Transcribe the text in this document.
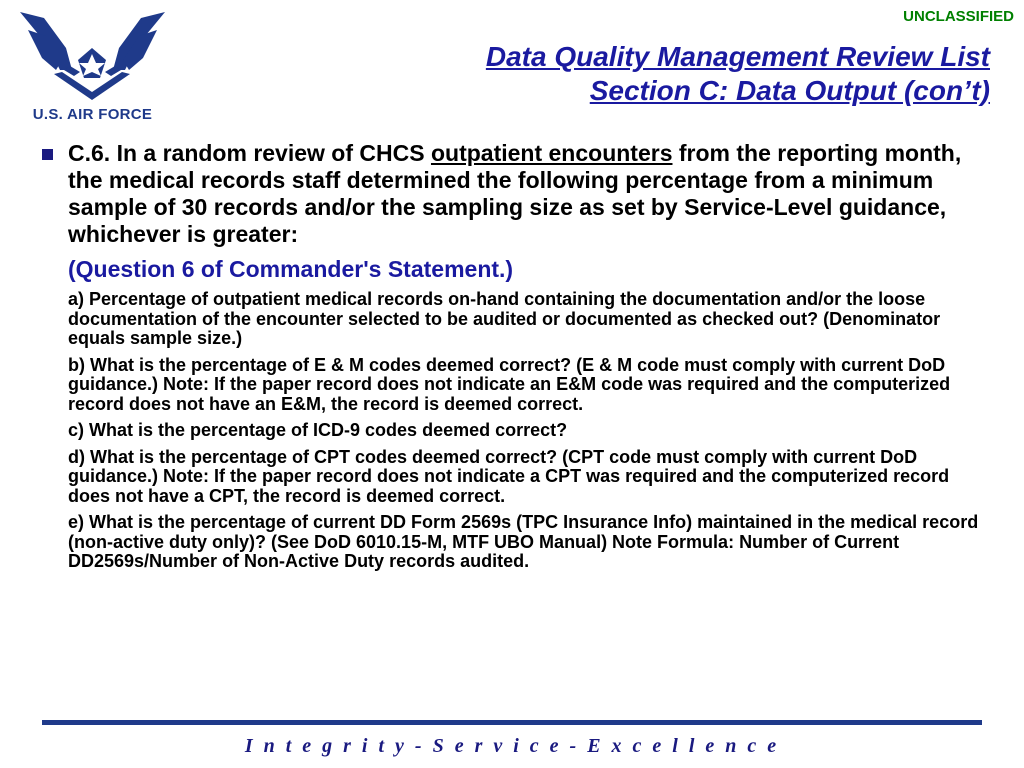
UNCLASSIFIED
U.S. AIR FORCE
Data Quality Management Review List
Section C: Data Output (con’t)
C.6. In a random review of CHCS outpatient encounters from the reporting month, the medical records staff determined the following percentage from a minimum sample of 30 records and/or the sampling size as set by Service-Level guidance, whichever is greater:
(Question 6 of Commander's Statement.)
a) Percentage of outpatient medical records on-hand containing the documentation and/or the loose documentation of the encounter selected to be audited or documented as checked out? (Denominator equals sample size.)
b) What is the percentage of E & M codes deemed correct? (E & M code must comply with current DoD guidance.) Note: If the paper record does not indicate an E&M code was required and the computerized record does not have an E&M, the record is deemed correct.
c) What is the percentage of ICD-9 codes deemed correct?
d) What is the percentage of CPT codes deemed correct? (CPT code must comply with current DoD guidance.) Note: If the paper record does not indicate a CPT was required and the computerized record does not have a CPT, the record is deemed correct.
e) What is the percentage of current DD Form 2569s (TPC Insurance Info) maintained in the medical record (non-active duty only)? (See DoD 6010.15-M, MTF UBO Manual) Note Formula: Number of Current DD2569s/Number of Non-Active Duty records audited.
I n t e g r i t y - S e r v i c e - E x c e l l e n c e
